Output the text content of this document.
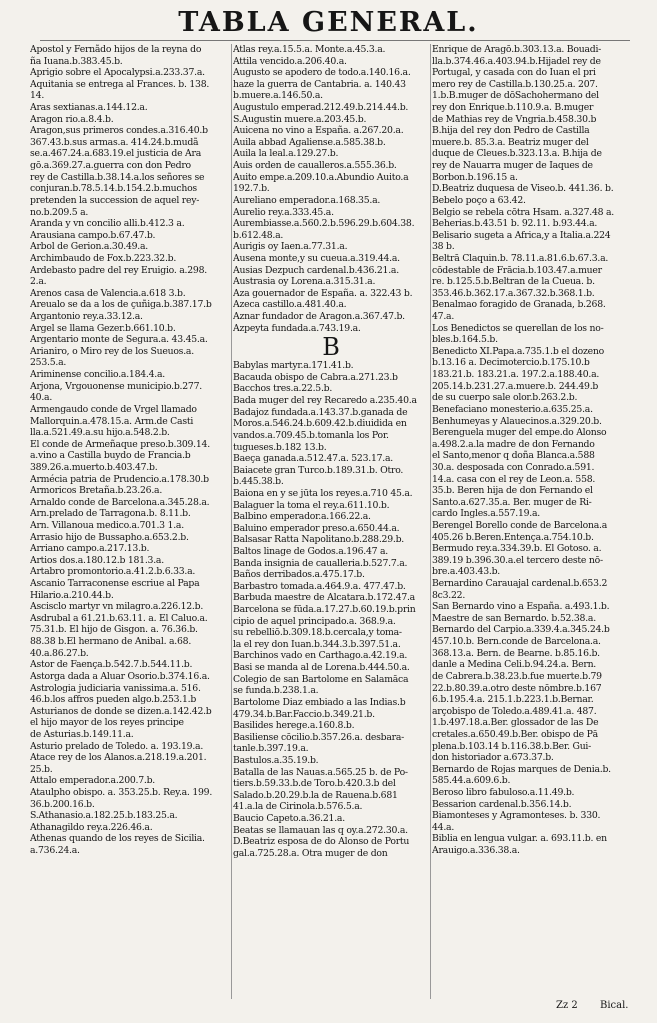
TABLA GENERAL.
Apostol y Fernãdo hijos de la reyna do
ña Iuana.b.383.45.b.
Aprigio sobre el Apocalypsi.a.233.37.a.
Aquitania se entrega al Frances. b. 138.
14.
Aras sextianas.a.144.12.a.
Aragon rio.a.8.4.b.
Aragon,sus primeros condes.a.316.40.b
367.43.b.sus armas.a. 414.24.b.mudã
se.a.467.24.a.683.19.el justicia de Ara
gō.a.369.27.a.guerra con don Pedro
rey de Castilla.b.38.14.a.los señores se
conjuran.b.78.5.14.b.154.2.b.muchos
pretenden la succession de aquel rey-
no.b.209.5 a.
Aranda y vn concilio alli.b.412.3 a.
Arausiana campo.b.67.47.b.
Arbol de Gerion.a.30.49.a.
Archimbaudo de Fox.b.223.32.b.
Ardebasto padre del rey Eruigio. a.298.
2.a.
Arenos casa de Valencia.a.618 3.b.
Areualo se da a los de çuñiga.b.387.17.b
Argantonio rey.a.33.12.a.
Argel se llama Gezer.b.661.10.b.
Argentario monte de Segura.a. 43.45.a.
Arianiro, o Miro rey de los Sueuos.a.
253.5.a.
Ariminense concilio.a.184.4.a.
Arjona, Vrgouonense municipio.b.277.
40.a.
Armengaudo conde de Vrgel llamado
Mallorquin.a.478.15.a. Arm.de Casti
lla.a.521.49.a.su hijo.a.548.2.b.
El conde de Armeñaque preso.b.309.14.
a.vino a Castilla buydo de Francia.b
389.26.a.muerto.b.403.47.b.
Armécia patria de Prudencio.a.178.30.b
Armoricos Bretaña.b.23.26.a.
Arnaldo conde de Barcelona.a.345.28.a.
Arn.prelado de Tarragona.b. 8.11.b.
Arn. Villanoua medico.a.701.3 1.a.
Arrasio hijo de Bussapho.a.653.2.b.
Arriano campo.a.217.13.b.
Artios dos.a.180.12.b 181.3.a.
Artabro promontorio.a.41.2.b.6.33.a.
Ascanio Tarraconense escriue al Papa
Hilario.a.210.44.b.
Ascisclo martyr vn milagro.a.226.12.b.
Asdrubal a 61.21.b.63.11. a. El Caluo.a.
75.31.b. El hijo de Gisgon. a. 76.36.b.
88.38 b.El hermano de Anibal. a.68.
40.a.86.27.b.
Astor de Faença.b.542.7.b.544.11.b.
Astorga dada a Aluar Osorio.b.374.16.a.
Astrologia judiciaria vanissima.a. 516.
46.b.los affros pueden algo.b.253.1.b
Asturianos de donde se dizen.a.142.42.b
el hijo mayor de los reyes principe
de Asturias.b.149.11.a.
Asturio prelado de Toledo. a. 193.19.a.
Atace rey de los Alanos.a.218.19.a.201.
25.b.
Attalo emperador.a.200.7.b.
Ataulpho obispo. a. 353.25.b. Rey.a. 199.
36.b.200.16.b.
S.Athanasio.a.182.25.b.183.25.a.
Athanagildo rey.a.226.46.a.
Athenas quando de los reyes de Sicilia.
a.736.24.a.
Atlas rey.a.15.5.a. Monte.a.45.3.a.
Attila vencido.a.206.40.a.
Augusto se apodero de todo.a.140.16.a.
haze la guerra de Cantabria. a. 140.43
b.muere.a.146.50.a.
Augustulo emperad.212.49.b.214.44.b.
S.Augustin muere.a.203.45.b.
Auicena no vino a España. a.267.20.a.
Auila abbad Agaliense.a.585.38.b.
Auila la leal.a.129.27.b.
Auis orden de caualleros.a.555.36.b.
Auito empe.a.209.10.a.Abundio Auito.a
192.7.b.
Aureliano emperador.a.168.35.a.
Aurelio rey.a.333.45.a.
Aurembiasse.a.560.2.b.596.29.b.604.38.
b.612.48.a.
Aurigis oy Iaen.a.77.31.a.
Ausena monte,y su cueua.a.319.44.a.
Ausias Dezpuch cardenal.b.436.21.a.
Austrasia oy Lorena.a.315.31.a.
Aza gouernador de España. a. 322.43 b.
Azeca castillo.a.481.40.a.
Aznar fundador de Aragon.a.367.47.b.
Azpeyta fundada.a.743.19.a.
B
Babylas martyr.a.171.41.b.
Bacauda obispo de Cabra.a.271.23.b
Bacchos tres.a.22.5.b.
Bada muger del rey Recaredo a.235.40.a
Badajoz fundada.a.143.37.b.ganada de
Moros.a.546.24.b.609.42.b.diuidida en
vandos.a.709.45.b.tomanla los Por.
tugueses.b.182 13.b.
Baeça ganada.a.512.47.a. 523.17.a.
Baiacete gran Turco.b.189.31.b. Otro.
b.445.38.b.
Baiona en y se jūta los reyes.a.710 45.a.
Balaguer la toma el rey.a.611.10.b.
Balbino emperador.a.166.22.a.
Baluino emperador preso.a.650.44.a.
Balsasar Ratta Napolitano.b.288.29.b.
Baltos linage de Godos.a.196.47 a.
Banda insignia de caualleria.b.527.7.a.
Baños derribados.a.475.17.b.
Barbastro tomada.a.464.9.a. 477.47.b.
Barbuda maestre de Alcatara.b.172.47.a
Barcelona se fūda.a.17.27.b.60.19.b.prin
cipio de aquel principado.a. 368.9.a.
su rebelliō.b.309.18.b.cercala,y toma-
la el rey don Iuan.b.344.3.b.397.51.a.
Barchinos vado en Carthago.a.42.19.a.
Basi se manda al de Lorena.b.444.50.a.
Colegio de san Bartolome en Salamāca
se funda.b.238.1.a.
Bartolome Diaz embiado a las Indias.b
479.34.b.Bar.Faccio.b.349.21.b.
Basilides herege.a.160.8.b.
Basiliense cōcilio.b.357.26.a. desbara-
tanle.b.397.19.a.
Bastulos.a.35.19.b.
Batalla de las Nauas.a.565.25 b. de Po-
tiers.b.59.33.b.de Toro.b.420.3.b del
Salado.b.20.29.b.la de Rauena.b.681
41.a.la de Cirinola.b.576.5.a.
Baucio Capeto.a.36.21.a.
Beatas se llamauan las q oy.a.272.30.a.
D.Beatriz esposa de do Alonso de Portu
gal.a.725.28.a. Otra muger de don
Enrique de Aragō.b.303.13.a. Bouadi-
lla.b.374.46.a.403.94.b.Hijadel rey de
Portugal, y casada con do Iuan el pri
mero rey de Castilla.b.130.25.a. 207.
1.b.B.muger de dōSachohermano del
rey don Enrique.b.110.9.a. B.muger
de Mathias rey de Vngria.b.458.30.b
B.hija del rey don Pedro de Castilla
muere.b. 85.3.a. Beatriz muger del
duque de Cleues.b.323.13.a. B.hija de
rey de Nauarra muger de Iaques de
Borbon.b.196.15 a.
D.Beatriz duquesa de Viseo.b. 441.36. b.
Bebelo poço a 63.42.
Belgio se rebela cōtra Hsam. a.327.48 a.
Beherias.b.43.51 b. 92.11. b.93.44.a.
Belisario sugeta a Africa,y a Italia.a.224
38 b.
Beltrā Claquin.b. 78.11.a.81.6.b.67.3.a.
cōdestable de Frācia.b.103.47.a.muer
re. b.125.5.b.Beltran de la Cueua. b.
353.46.b.362.17.a.367.32.b.368.1.b.
Benalmao foragido de Granada, b.268.
47.a.
Los Benedictos se querellan de los no-
bles.b.164.5.b.
Benedicto XI.Papa.a.735.1.b el dozeno
b.13.16 a. Decimotercio.b.175.10.b
183.21.b. 183.21.a. 197.2.a.188.40.a.
205.14.b.231.27.a.muere.b. 244.49.b
de su cuerpo sale olor.b.263.2.b.
Benefaciano monesterio.a.635.25.a.
Benhumeyas y Alauecinos.a.329.20.b.
Berenguela muger del empe.do Alonso
a.498.2.a.la madre de don Fernando
el Santo,menor q doña Blanca.a.588
30.a. desposada con Conrado.a.591.
14.a. casa con el rey de Leon.a. 558.
35.b. Beren hija de don Fernando el
Santo.a.627.35.a. Ber. muger de Ri-
cardo Ingles.a.557.19.a.
Berengel Borello conde de Barcelona.a
405.26 b.Beren.Entença.a.754.10.b.
Bermudo rey.a.334.39.b. El Gotoso. a.
389.19 b.396.30.a.el tercero deste nō-
bre.a.403.43.b.
Bernardino Carauajal cardenal.b.653.2
8c3.22.
San Bernardo vino a España. a.493.1.b.
Maestre de san Bernardo. b.52.38.a.
Bernardo del Carpio.a.339.4.a.345.24.b
457.10.b. Bern.conde de Barcelona.a.
368.13.a. Bern. de Bearne. b.85.16.b.
danle a Medina Celi.b.94.24.a. Bern.
de Cabrera.b.38.23.b.fue muerte.b.79
22.b.80.39.a.otro deste nōmbre.b.167
6.b.195.4.a. 215.1.b.223.1.b.Bernar.
arçobispo de Toledo.a.489.41.a. 487.
1.b.497.18.a.Ber. glossador de las De
cretales.a.650.49.b.Ber. obispo de Pā
plena.b.103.14 b.116.38.b.Ber. Gui-
don historiador a.673.37.b.
Bernardo de Rojas marques de Denia.b.
585.44.a.609.6.b.
Beroso libro fabuloso.a.11.49.b.
Bessarion cardenal.b.356.14.b.
Biamonteses y Agramonteses. b. 330.
44.a.
Biblia en lengua vulgar. a. 693.11.b. en
Arauigo.a.336.38.a.
Zz 2 Bical.
